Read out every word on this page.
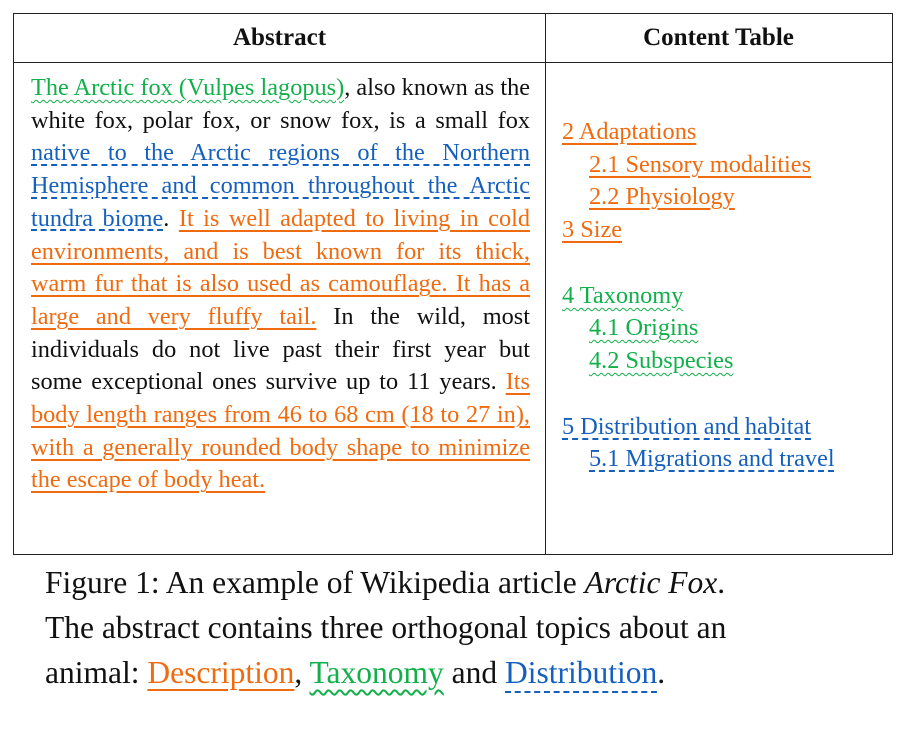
Abstract	Content Table
The Arctic fox (Vulpes lagopus), also known as the white fox, polar fox, or snow fox, is a small fox native to the Arctic regions of the Northern Hemisphere and common throughout the Arctic tundra biome. It is well adapted to living in cold environments, and is best known for its thick, warm fur that is also used as camouflage. It has a large and very fluffy tail. In the wild, most individuals do not live past their first year but some exceptional ones survive up to 11 years. Its body length ranges from 46 to 68 cm (18 to 27 in), with a generally rounded body shape to minimize the escape of body heat.
2 Adaptations
2.1 Sensory modalities
2.2 Physiology
3 Size
4 Taxonomy
4.1 Origins
4.2 Subspecies
5 Distribution and habitat
5.1 Migrations and travel
Figure 1: An example of Wikipedia article Arctic Fox.
The abstract contains three orthogonal topics about an
animal: Description, Taxonomy and Distribution.
